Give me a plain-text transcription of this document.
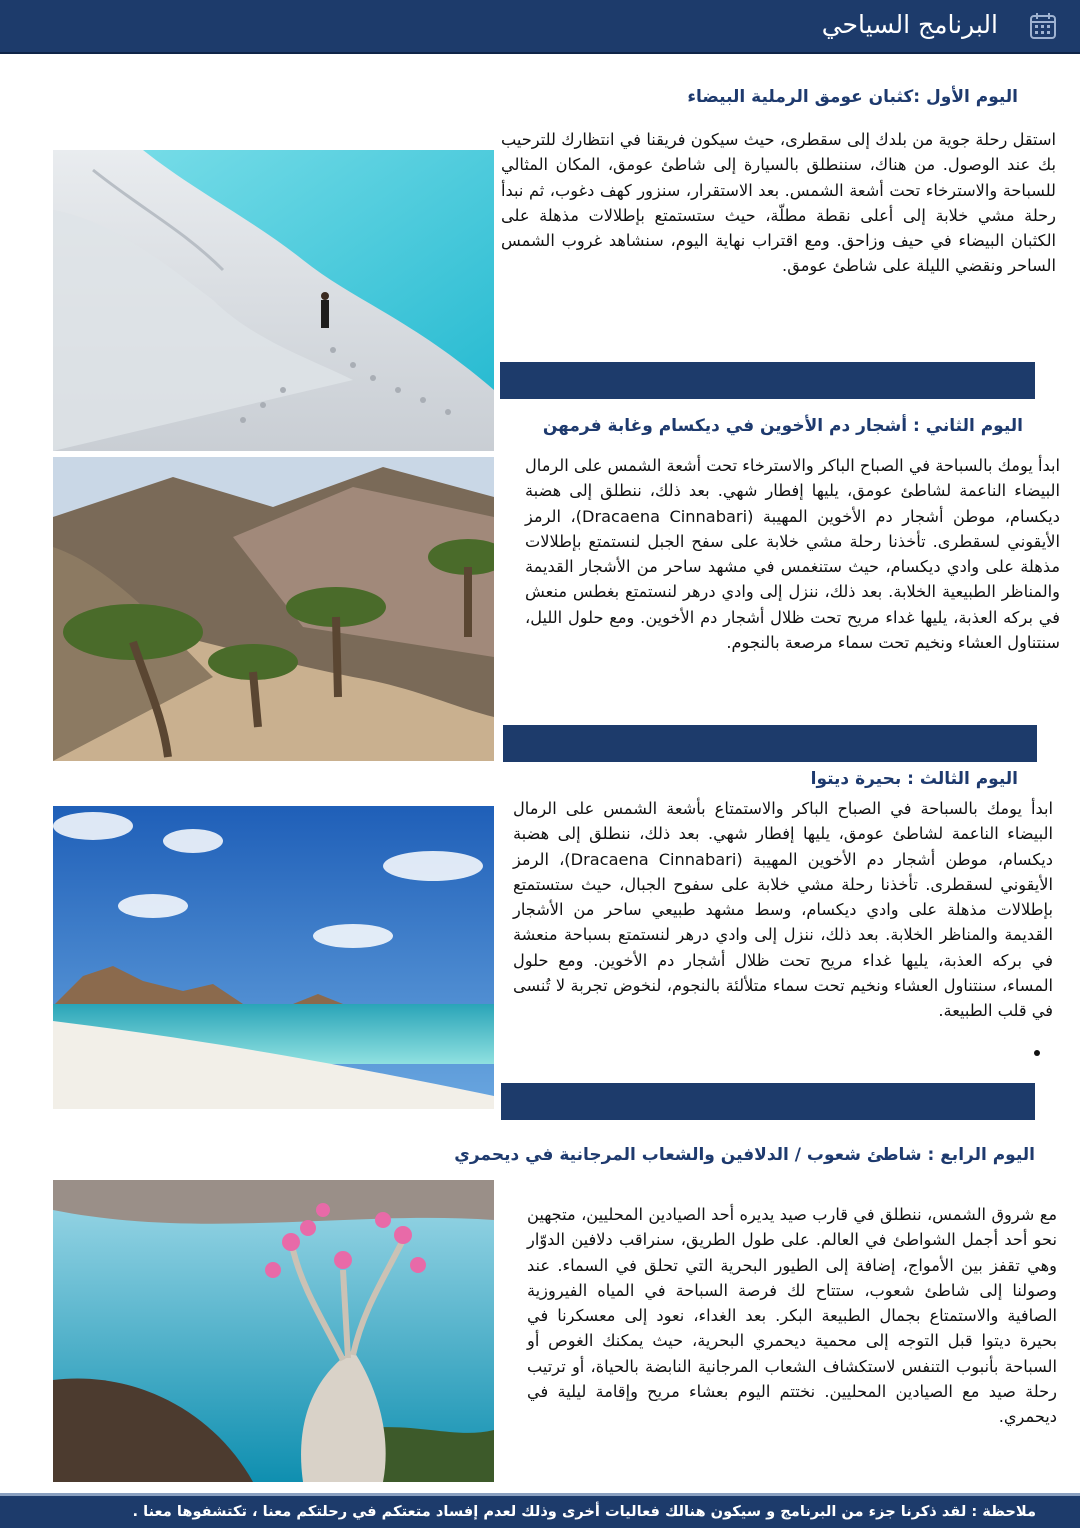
البرنامج السياحي
اليوم الأول :كثبان عومق الرملية البيضاء

استقل رحلة جوية من بلدك إلى سقطرى، حيث سيكون فريقنا في انتظارك للترحيب بك عند الوصول. من هناك، سننطلق بالسيارة إلى شاطئ عومق، المكان المثالي للسباحة والاسترخاء تحت أشعة الشمس. بعد الاستقرار، سنزور كهف دغوب، ثم نبدأ رحلة مشي خلابة إلى أعلى نقطة مطلّة، حيث ستستمتع بإطلالات مذهلة على الكثبان البيضاء في حيف وزاحق. ومع اقتراب نهاية اليوم، سنشاهد غروب الشمس الساحر ونقضي الليلة على شاطئ عومق.

اليوم الثاني : أشجار دم الأخوين في ديكسام وغابة فرمهن

ابدأ يومك بالسباحة في الصباح الباكر والاسترخاء تحت أشعة الشمس على الرمال البيضاء الناعمة لشاطئ عومق، يليها إفطار شهي. بعد ذلك، ننطلق إلى هضبة ديكسام، موطن أشجار دم الأخوين المهيبة (Dracaena Cinnabari)، الرمز الأيقوني لسقطرى. تأخذنا رحلة مشي خلابة على سفح الجبل لنستمتع بإطلالات مذهلة على وادي ديكسام، حيث ستنغمس في مشهد ساحر من الأشجار القديمة والمناظر الطبيعية الخلابة. بعد ذلك، ننزل إلى وادي درهر لنستمتع بغطس منعش في بركه العذبة، يليها غداء مريح تحت ظلال أشجار دم الأخوين. ومع حلول الليل، سنتناول العشاء ونخيم تحت سماء مرصعة بالنجوم.

اليوم الثالث : بحيرة ديتوا

ابدأ يومك بالسباحة في الصباح الباكر والاستمتاع بأشعة الشمس على الرمال البيضاء الناعمة لشاطئ عومق، يليها إفطار شهي. بعد ذلك، ننطلق إلى هضبة ديكسام، موطن أشجار دم الأخوين المهيبة (Dracaena Cinnabari)، الرمز الأيقوني لسقطرى. تأخذنا رحلة مشي خلابة على سفوح الجبال، حيث ستستمتع بإطلالات مذهلة على وادي ديكسام، وسط مشهد طبيعي ساحر من الأشجار القديمة والمناظر الخلابة. بعد ذلك، ننزل إلى وادي درهر لنستمتع بسباحة منعشة في بركه العذبة، يليها غداء مريح تحت ظلال أشجار دم الأخوين. ومع حلول المساء، سنتناول العشاء ونخيم تحت سماء متلألئة بالنجوم، لنخوض تجربة لا تُنسى في قلب الطبيعة.

اليوم الرابع : شاطئ شعوب / الدلافين والشعاب المرجانية في ديحمري

مع شروق الشمس، ننطلق في قارب صيد يديره أحد الصيادين المحليين، متجهين نحو أحد أجمل الشواطئ في العالم. على طول الطريق، سنراقب دلافين الدوّار وهي تقفز بين الأمواج، إضافة إلى الطيور البحرية التي تحلق في السماء. عند وصولنا إلى شاطئ شعوب، ستتاح لك فرصة السباحة في المياه الفيروزية الصافية والاستمتاع بجمال الطبيعة البكر. بعد الغداء، نعود إلى معسكرنا في بحيرة ديتوا قبل التوجه إلى محمية ديحمري البحرية، حيث يمكنك الغوص أو السباحة بأنبوب التنفس لاستكشاف الشعاب المرجانية النابضة بالحياة، أو ترتيب رحلة صيد مع الصيادين المحليين. نختتم اليوم بعشاء مريح وإقامة ليلية في ديحمري.

ملاحظة : لقد ذكرنا جزء من البرنامج و سيكون هنالك فعاليات أخرى وذلك لعدم إفساد متعتكم في رحلتكم معنا ، تكتشفوها معنا .
